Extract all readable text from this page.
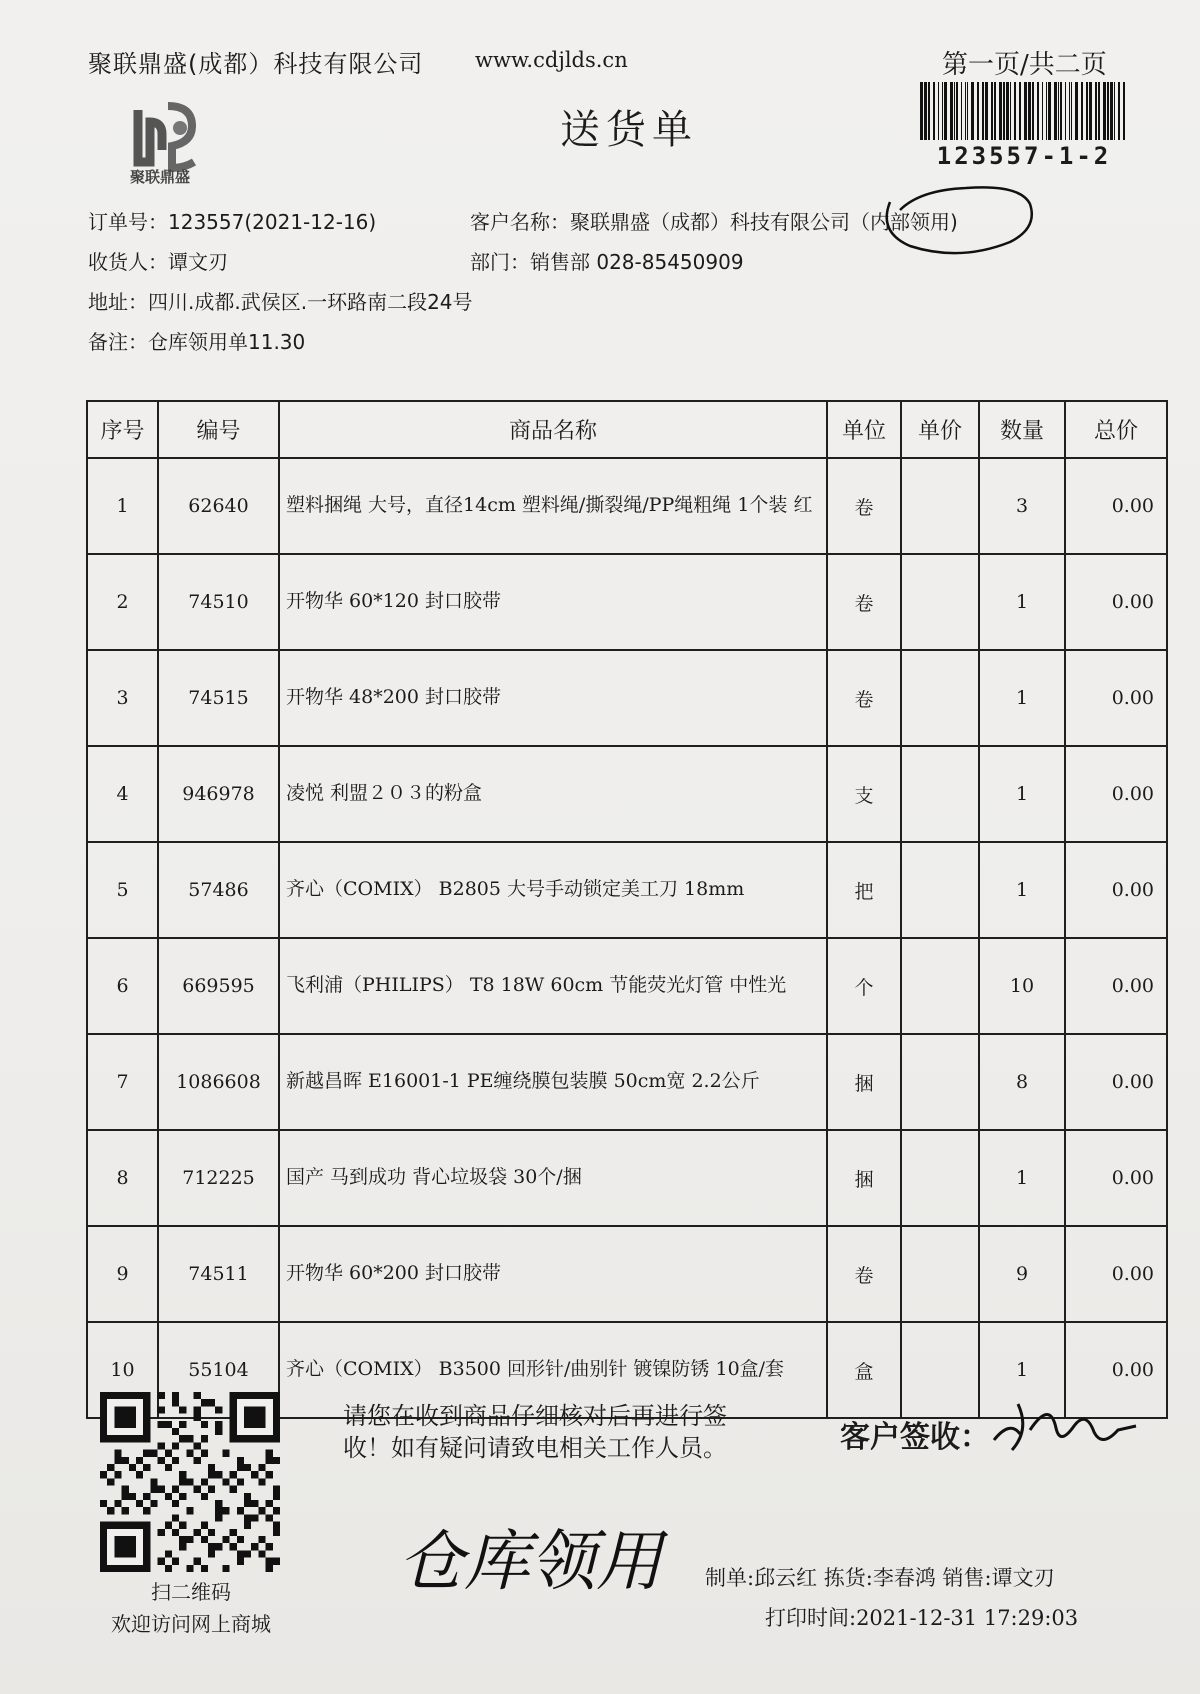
聚联鼎盛(成都）科技有限公司 www.cdjlds.cn	第一页/共二页
聚联鼎盛
送货单
123557-1-2
订单号：123557(2021-12-16)	客户名称：聚联鼎盛（成都）科技有限公司（内部领用)
收货人：谭文刃	部门：销售部 028-85450909
地址：四川.成都.武侯区.一环路南二段24号
备注：仓库领用单11.30
序号	编号	商品名称	单位	单价	数量	总价
1	62640	塑料捆绳 大号，直径14cm 塑料绳/撕裂绳/PP绳粗绳 1个装 红	卷		3	0.00
2	74510	开物华 60*120 封口胶带	卷		1	0.00
3	74515	开物华 48*200 封口胶带	卷		1	0.00
4	946978	凌悦 利盟２０３的粉盒	支		1	0.00
5	57486	齐心（COMIX） B2805 大号手动锁定美工刀 18mm	把		1	0.00
6	669595	飞利浦（PHILIPS） T8 18W 60cm 节能荧光灯管 中性光	个		10	0.00
7	1086608	新越昌晖 E16001-1 PE缠绕膜包装膜 50cm宽 2.2公斤	捆		8	0.00
8	712225	国产 马到成功 背心垃圾袋 30个/捆	捆		1	0.00
9	74511	开物华 60*200 封口胶带	卷		9	0.00
10	55104	齐心（COMIX） B3500 回形针/曲别针 镀镍防锈 10盒/套	盒		1	0.00
扫二维码
欢迎访问网上商城
请您在收到商品仔细核对后再进行签收！如有疑问请致电相关工作人员。	客户签收：
仓库领用	制单:邱云红 拣货:李春鸿 销售:谭文刃
打印时间:2021-12-31 17:29:03
